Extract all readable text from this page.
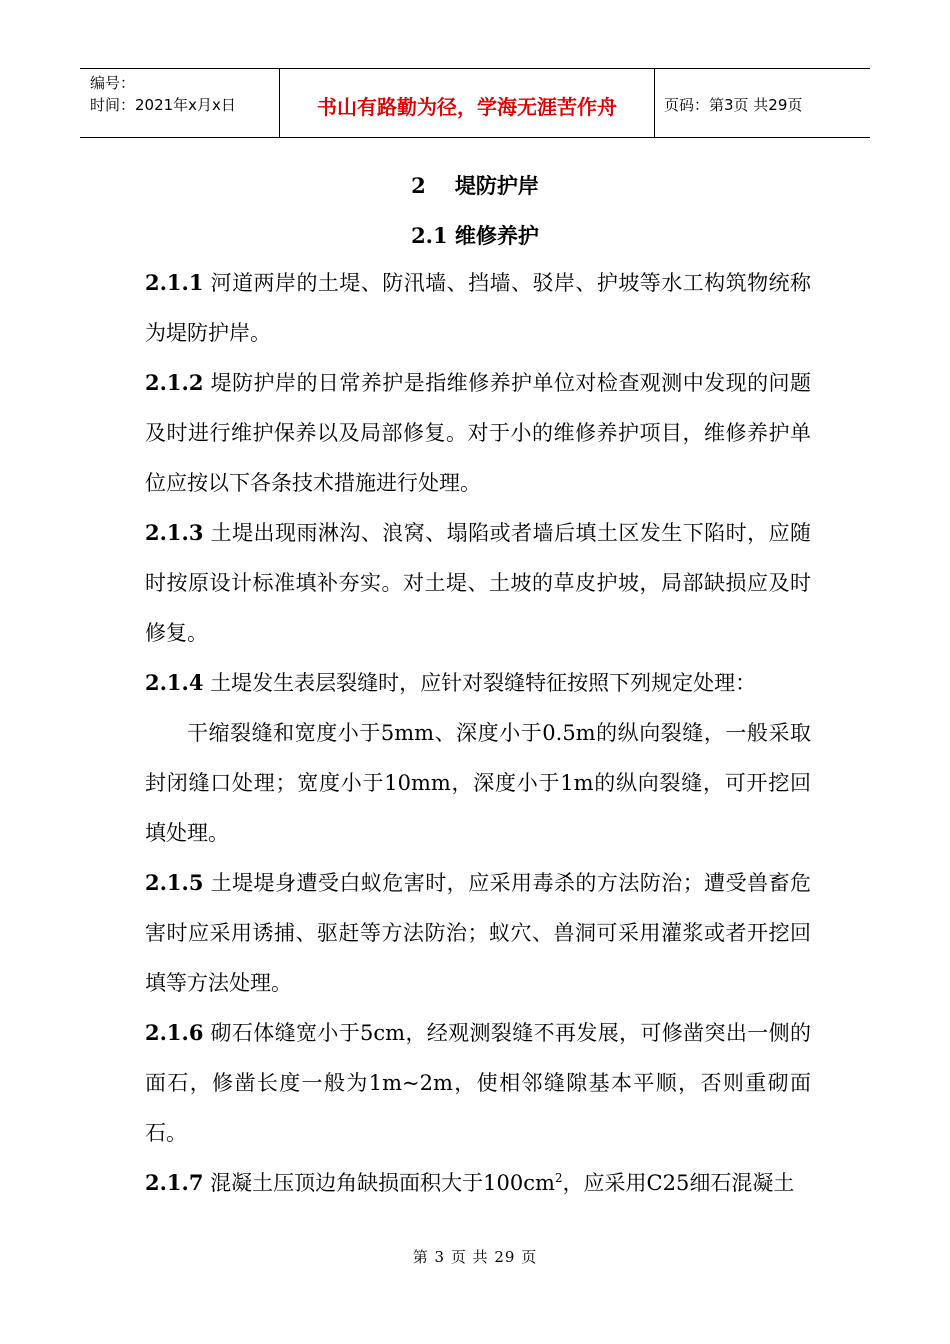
编号：
时间：2021年x月x日	书山有路勤为径，学海无涯苦作舟	页码：第3页 共29页
2    堤防护岸
2.1 维修养护

2.1.1 河道两岸的土堤、防汛墙、挡墙、驳岸、护坡等水工构筑物统称为堤防护岸。

2.1.2 堤防护岸的日常养护是指维修养护单位对检查观测中发现的问题及时进行维护保养以及局部修复。对于小的维修养护项目，维修养护单位应按以下各条技术措施进行处理。

2.1.3 土堤出现雨淋沟、浪窝、塌陷或者墙后填土区发生下陷时，应随时按原设计标准填补夯实。对土堤、土坡的草皮护坡，局部缺损应及时修复。

2.1.4 土堤发生表层裂缝时，应针对裂缝特征按照下列规定处理：

干缩裂缝和宽度小于5mm、深度小于0.5m的纵向裂缝，一般采取封闭缝口处理；宽度小于10mm，深度小于1m的纵向裂缝，可开挖回填处理。

2.1.5 土堤堤身遭受白蚁危害时，应采用毒杀的方法防治；遭受兽畜危害时应采用诱捕、驱赶等方法防治；蚁穴、兽洞可采用灌浆或者开挖回填等方法处理。

2.1.6 砌石体缝宽小于5cm，经观测裂缝不再发展，可修凿突出一侧的面石，修凿长度一般为1m~2m，使相邻缝隙基本平顺，否则重砌面石。

2.1.7 混凝土压顶边角缺损面积大于$100cm^2$，应采用C25细石混凝土

第 3 页 共 29 页
